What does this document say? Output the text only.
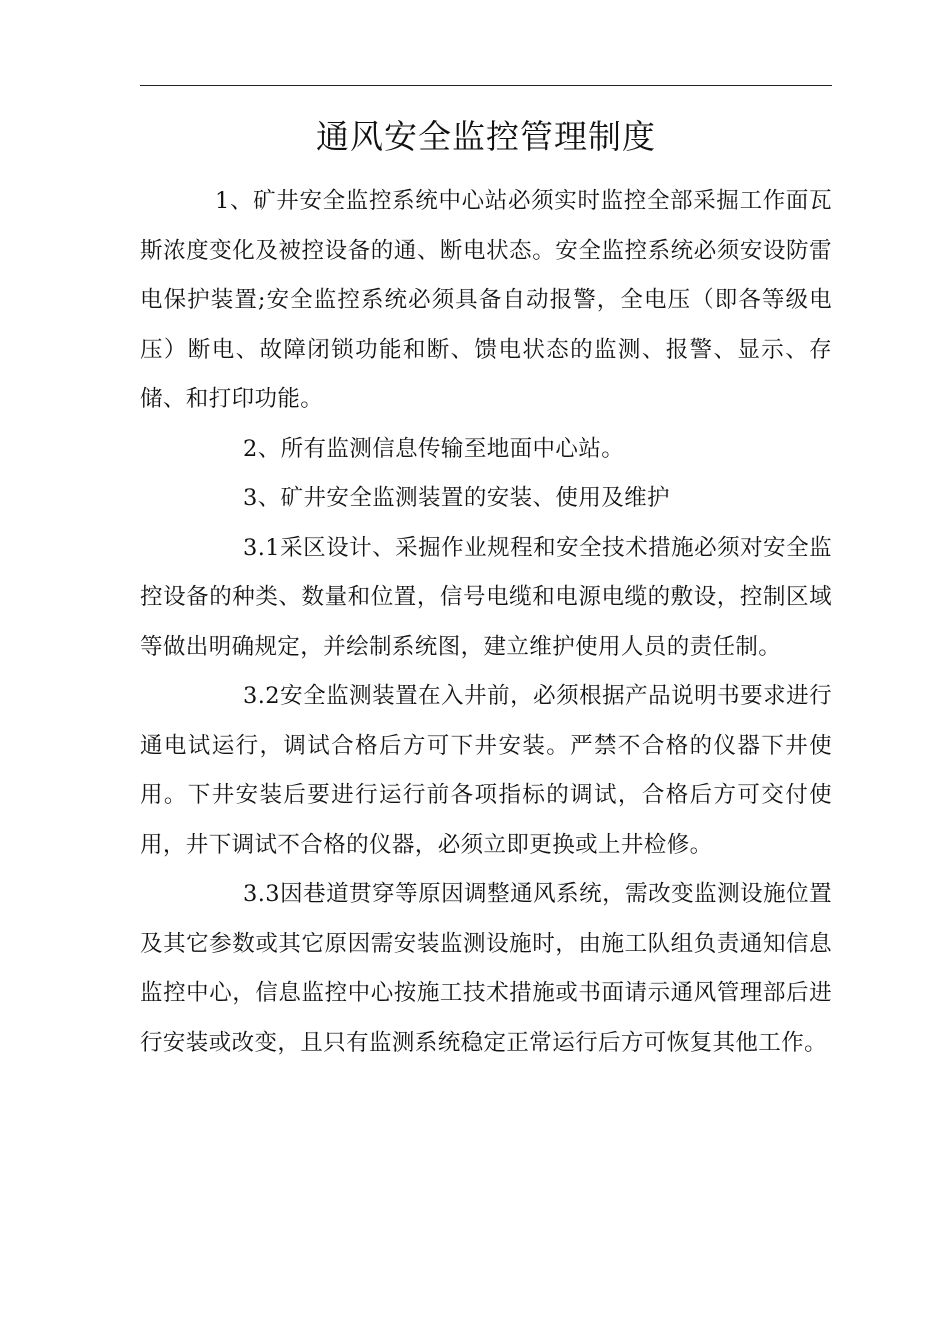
通风安全监控管理制度

1、矿井安全监控系统中心站必须实时监控全部采掘工作面瓦斯浓度变化及被控设备的通、断电状态。安全监控系统必须安设防雷电保护装置;安全监控系统必须具备自动报警，全电压（即各等级电压）断电、故障闭锁功能和断、馈电状态的监测、报警、显示、存储、和打印功能。

2、所有监测信息传输至地面中心站。

3、矿井安全监测装置的安装、使用及维护

3.1采区设计、采掘作业规程和安全技术措施必须对安全监控设备的种类、数量和位置，信号电缆和电源电缆的敷设，控制区域等做出明确规定，并绘制系统图，建立维护使用人员的责任制。

3.2安全监测装置在入井前，必须根据产品说明书要求进行通电试运行，调试合格后方可下井安装。严禁不合格的仪器下井使用。下井安装后要进行运行前各项指标的调试，合格后方可交付使用，井下调试不合格的仪器，必须立即更换或上井检修。

3.3因巷道贯穿等原因调整通风系统，需改变监测设施位置及其它参数或其它原因需安装监测设施时，由施工队组负责通知信息监控中心，信息监控中心按施工技术措施或书面请示通风管理部后进行安装或改变，且只有监测系统稳定正常运行后方可恢复其他工作。
